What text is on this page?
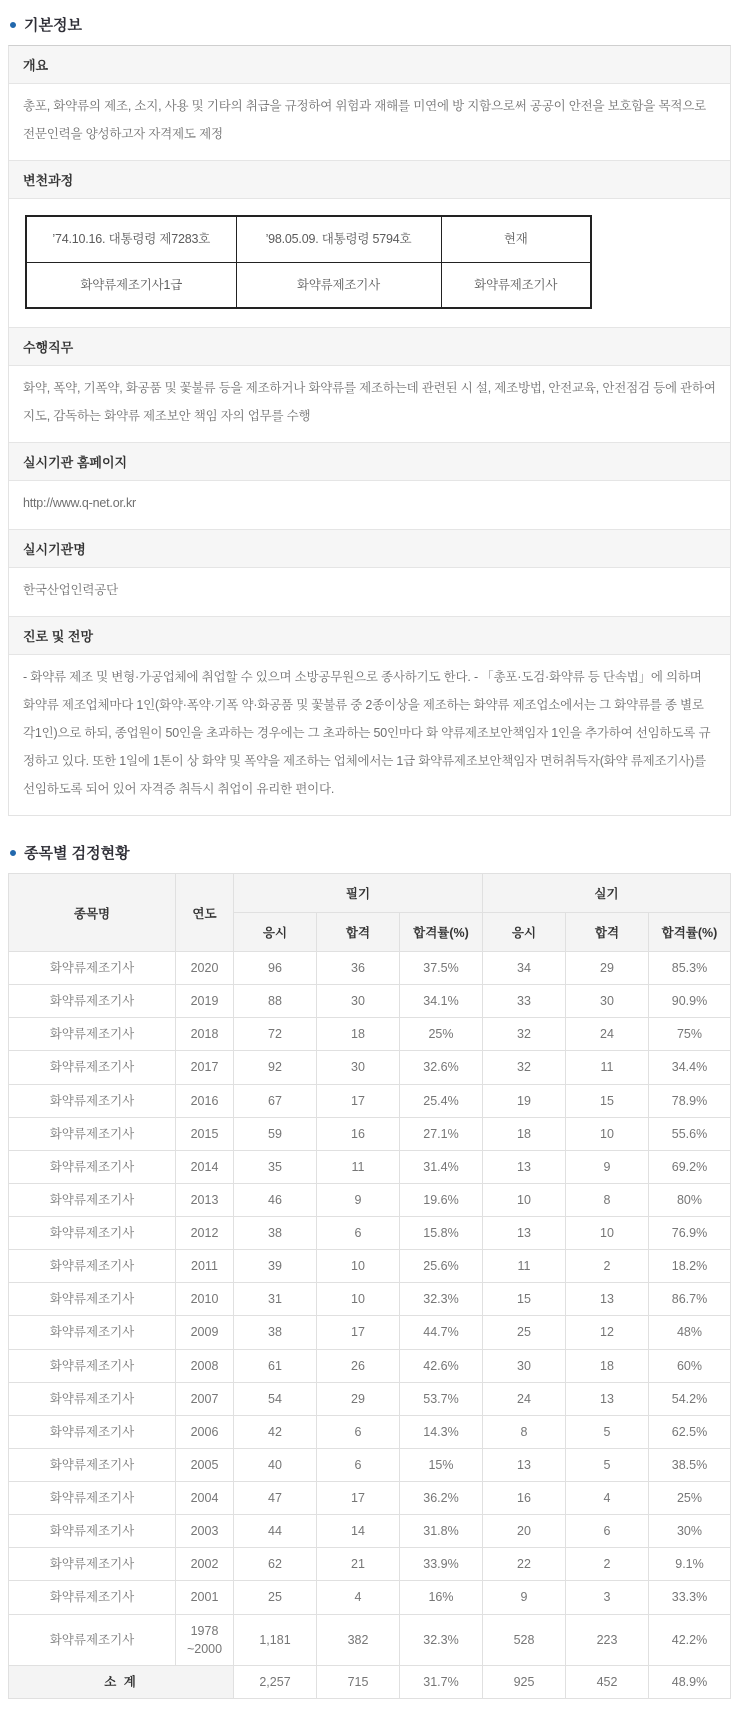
기본정보
개요
총포, 화약류의 제조, 소지, 사용 및 기타의 취급을 규정하여 위험과 재해를 미연에 방 지함으로써 공공이 안전을 보호함을 목적으로 전문인력을 양성하고자 자격제도 제정
변천과정
’74.10.16. 대통령령 제7283호	’98.05.09. 대통령령 5794호	현재
화약류제조기사1급	화약류제조기사	화약류제조기사
수행직무
화약, 폭약, 기폭약, 화공품 및 꽃불류 등을 제조하거나 화약류를 제조하는데 관련된 시 설, 제조방법, 안전교육, 안전점검 등에 관하여 지도, 감독하는 화약류 제조보안 책임 자의 업무를 수행
실시기관 홈페이지
http://www.q-net.or.kr
실시기관명
한국산업인력공단
진로 및 전망
- 화약류 제조 및 변형·가공업체에 취업할 수 있으며 소방공무원으로 종사하기도 한다. - 「총포·도검·화약류 등 단속법」에 의하며 화약류 제조업체마다 1인(화약·폭약·기폭 약·화공품 및 꽃불류 중 2종이상을 제조하는 화약류 제조업소에서는 그 화약류를 종 별로 각1인)으로 하되, 종업원이 50인을 초과하는 경우에는 그 초과하는 50인마다 화 약류제조보안책임자 1인을 추가하여 선임하도록 규정하고 있다. 또한 1일에 1톤이 상 화약 및 폭약을 제조하는 업체에서는 1급 화약류제조보안책임자 면허취득자(화약 류제조기사)를 선임하도록 되어 있어 자격증 취득시 취업이 유리한 편이다.
종목별 검정현황
종목명	연도	필기			실기		
		응시	합격	합격률(%)	응시	합격	합격률(%)
화약류제조기사	2020	96	36	37.5%	34	29	85.3%
화약류제조기사	2019	88	30	34.1%	33	30	90.9%
화약류제조기사	2018	72	18	25%	32	24	75%
화약류제조기사	2017	92	30	32.6%	32	11	34.4%
화약류제조기사	2016	67	17	25.4%	19	15	78.9%
화약류제조기사	2015	59	16	27.1%	18	10	55.6%
화약류제조기사	2014	35	11	31.4%	13	9	69.2%
화약류제조기사	2013	46	9	19.6%	10	8	80%
화약류제조기사	2012	38	6	15.8%	13	10	76.9%
화약류제조기사	2011	39	10	25.6%	11	2	18.2%
화약류제조기사	2010	31	10	32.3%	15	13	86.7%
화약류제조기사	2009	38	17	44.7%	25	12	48%
화약류제조기사	2008	61	26	42.6%	30	18	60%
화약류제조기사	2007	54	29	53.7%	24	13	54.2%
화약류제조기사	2006	42	6	14.3%	8	5	62.5%
화약류제조기사	2005	40	6	15%	13	5	38.5%
화약류제조기사	2004	47	17	36.2%	16	4	25%
화약류제조기사	2003	44	14	31.8%	20	6	30%
화약류제조기사	2002	62	21	33.9%	22	2	9.1%
화약류제조기사	2001	25	4	16%	9	3	33.3%
화약류제조기사	1978
~2000	1,181	382	32.3%	528	223	42.2%
소 계		2,257	715	31.7%	925	452	48.9%
